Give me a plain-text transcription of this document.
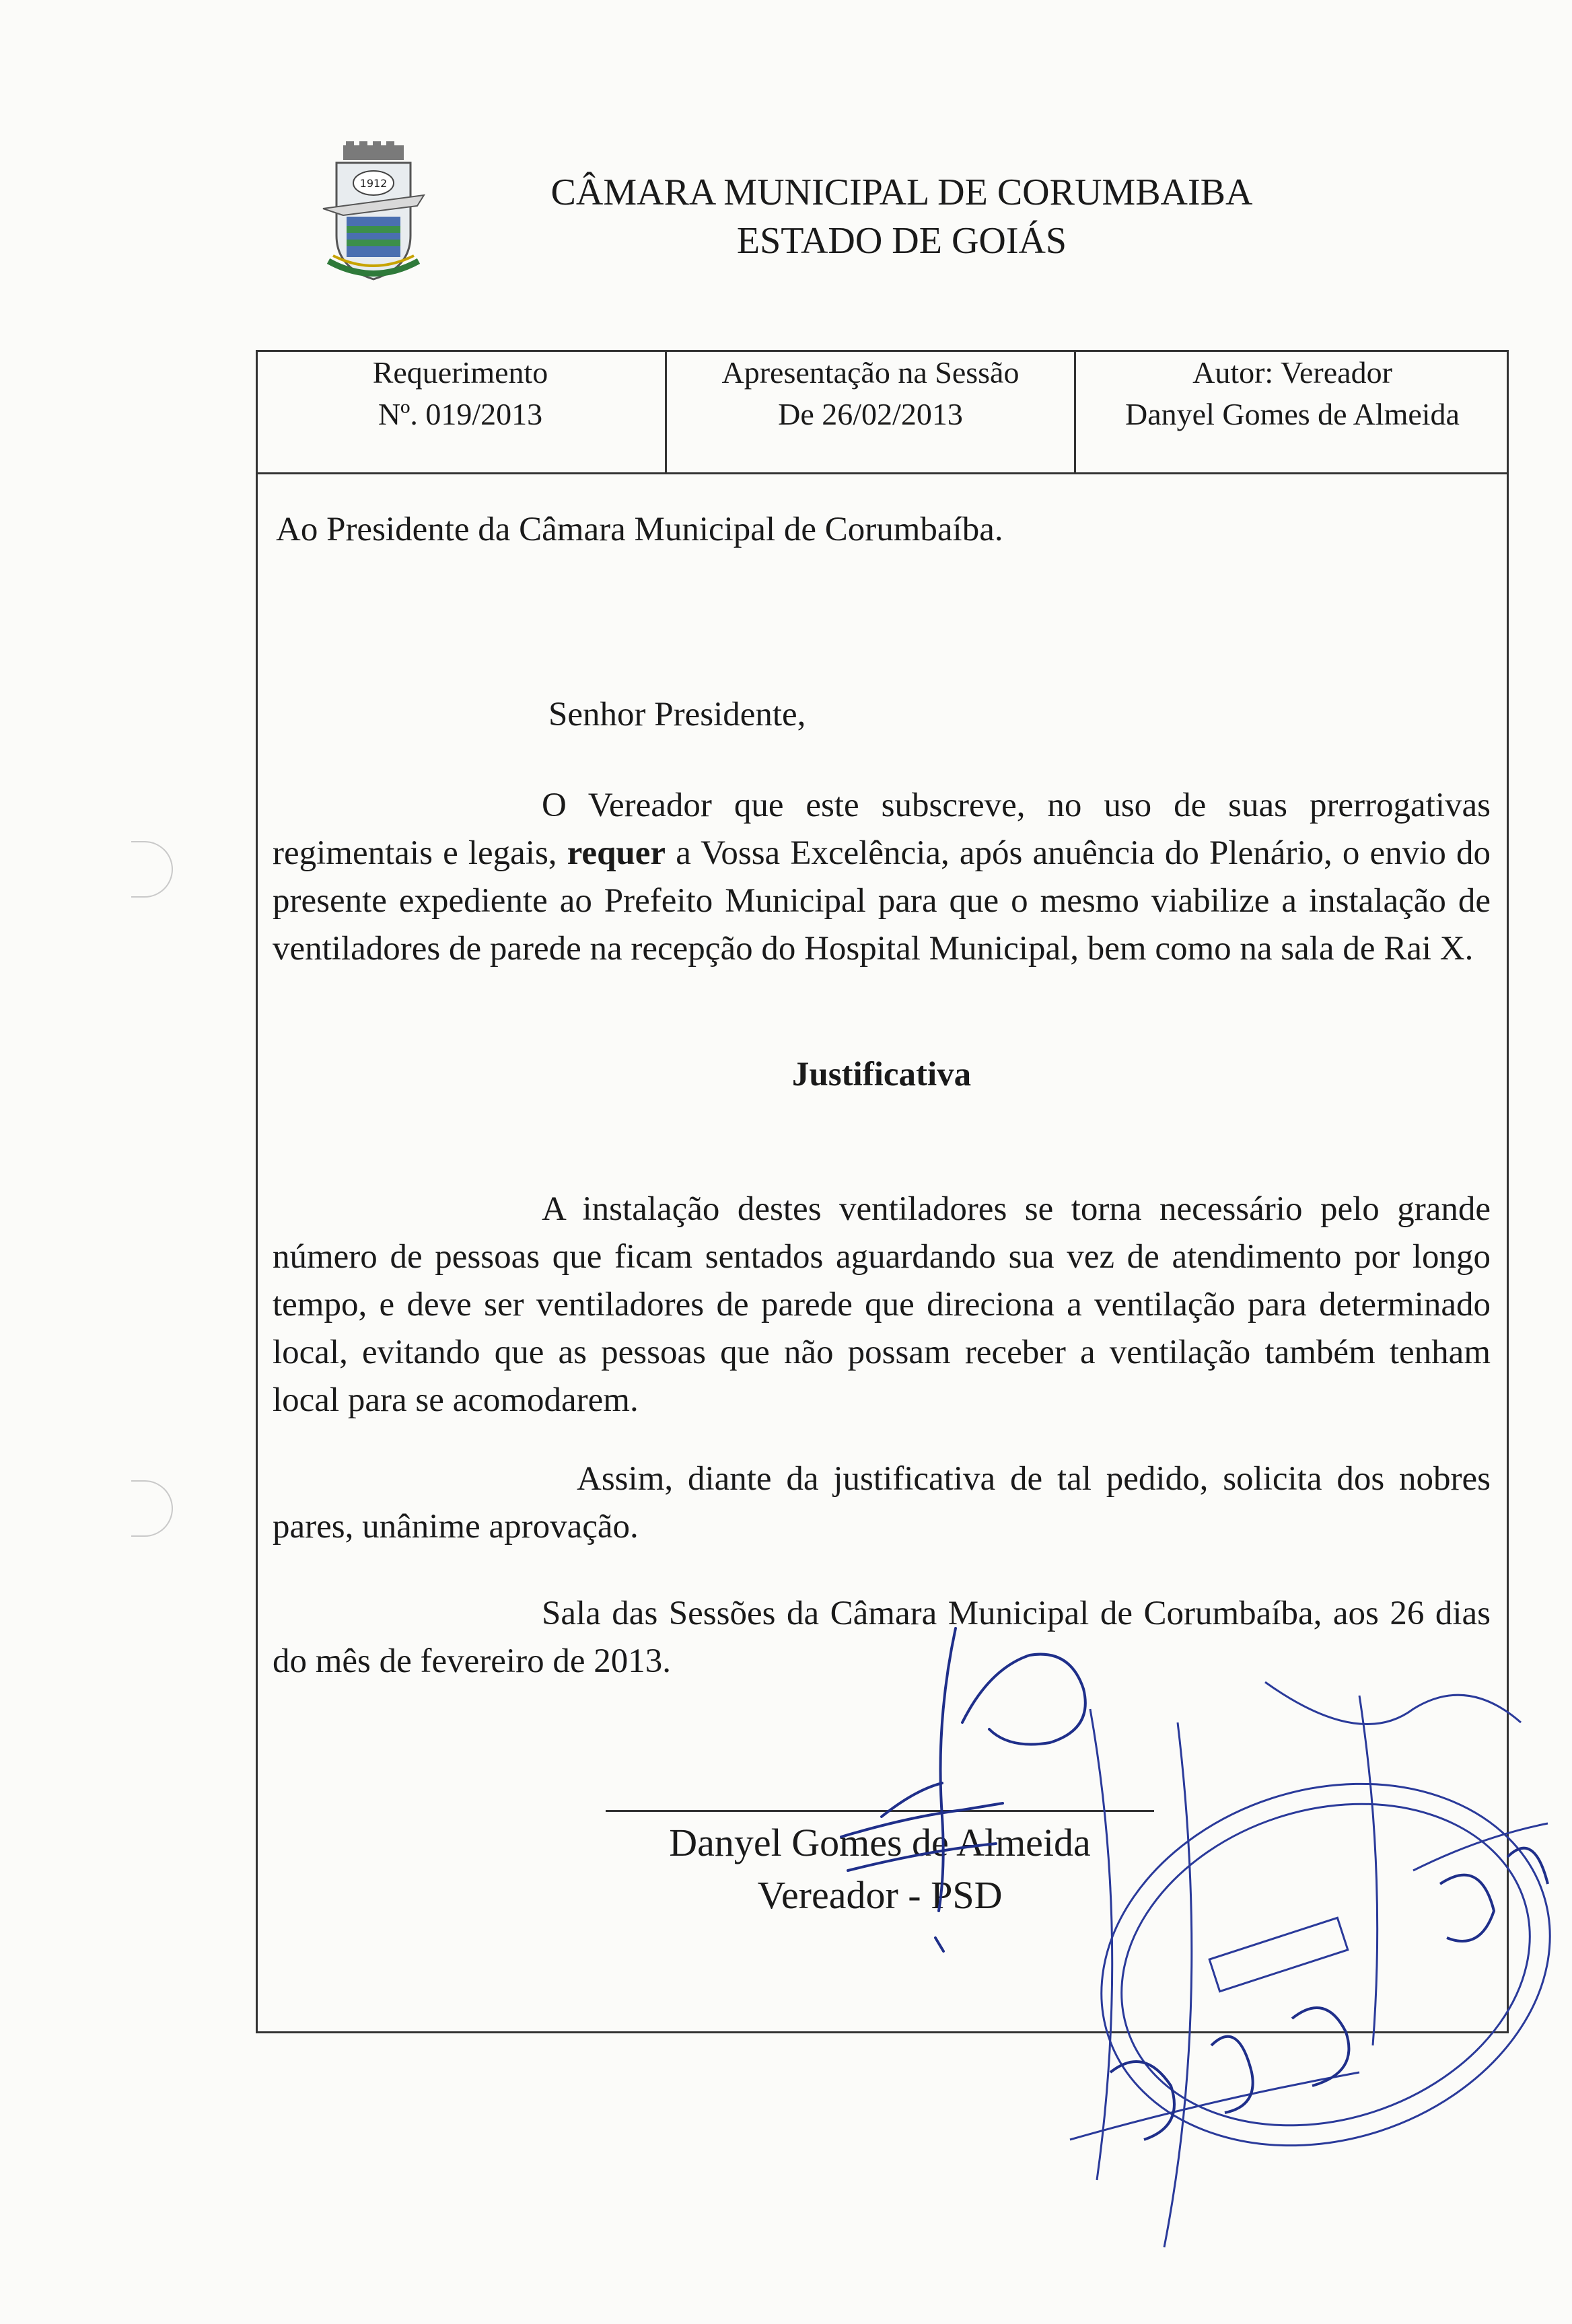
1912	CÂMARA MUNICIPAL DE CORUMBAIBA
ESTADO DE GOIÁS
Requerimento
Nº. 019/2013
Apresentação na Sessão
De 26/02/2013
Autor: Vereador
Danyel Gomes de Almeida
Ao Presidente da Câmara Municipal de Corumbaíba.
Senhor Presidente,

O Vereador que este subscreve, no uso de suas prerrogativas regimentais e legais, requer a Vossa Excelência, após anuência do Plenário, o envio do presente expediente ao Prefeito Municipal para que o mesmo viabilize a instalação de ventiladores de parede na recepção do Hospital Municipal, bem como na sala de Rai X.

Justificativa

A instalação destes ventiladores se torna necessário pelo grande número de pessoas que ficam sentados aguardando sua vez de atendimento por longo tempo, e deve ser ventiladores de parede que direciona a ventilação para determinado local, evitando que as pessoas que não possam receber a ventilação também tenham local para se acomodarem.

Assim, diante da justificativa de tal pedido, solicita dos nobres pares, unânime aprovação.

Sala das Sessões da Câmara Municipal de Corumbaíba, aos 26 dias do mês de fevereiro de 2013.

Danyel Gomes de Almeida
Vereador - PSD
